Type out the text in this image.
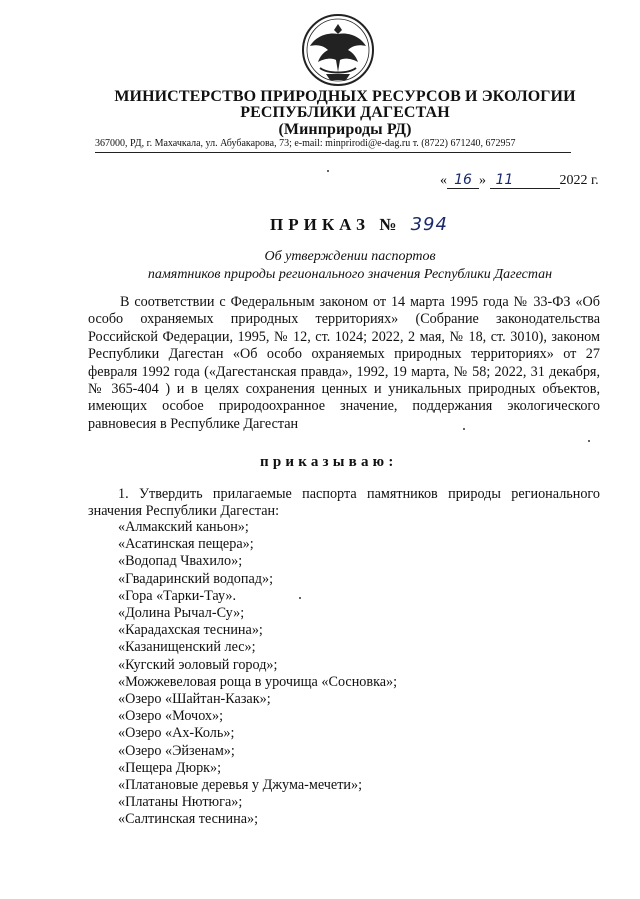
МИНИСТЕРСТВО ПРИРОДНЫХ РЕСУРСОВ И ЭКОЛОГИИ
РЕСПУБЛИКИ ДАГЕСТАН
(Минприроды РД)
367000, РД, г. Махачкала, ул. Абубакарова, 73; e-mail: minprirodi@e-dag.ru т. (8722) 671240, 672957
« 16 » 11	2022 г.
ПРИКАЗ № 394
Об утверждении паспортов
памятников природы регионального значения Республики Дагестан
В соответствии с Федеральным законом от 14 марта 1995 года № 33-ФЗ «Об особо охраняемых природных территориях» (Собрание законодательства Российской Федерации, 1995, № 12, ст. 1024; 2022, 2 мая, № 18, ст. 3010), законом Республики Дагестан «Об особо охраняемых природных территориях» от 27 февраля 1992 года («Дагестанская правда», 1992, 19 марта, № 58; 2022, 31 декабря, № 365-404 ) и в целях сохранения ценных и уникальных природных объектов, имеющих особое природоохранное значение, поддержания экологического равновесия в Республике Дагестан
приказываю:
1. Утвердить прилагаемые паспорта памятников природы регионального значения Республики Дагестан:
«Алмакский каньон»;
«Асатинская пещера»;
«Водопад Чвахило»;
«Гвадаринский водопад»;
«Гора «Тарки-Тау».
«Долина Рычал-Су»;
«Карадахская теснина»;
«Казанищенский лес»;
«Кугский эоловый город»;
«Можжевеловая роща в урочища «Сосновка»;
«Озеро «Шайтан-Казак»;
«Озеро «Мочох»;
«Озеро «Ах-Коль»;
«Озеро «Эйзенам»;
«Пещера Дюрк»;
«Платановые деревья у Джума-мечети»;
«Платаны Нютюга»;
«Салтинская теснина»;
